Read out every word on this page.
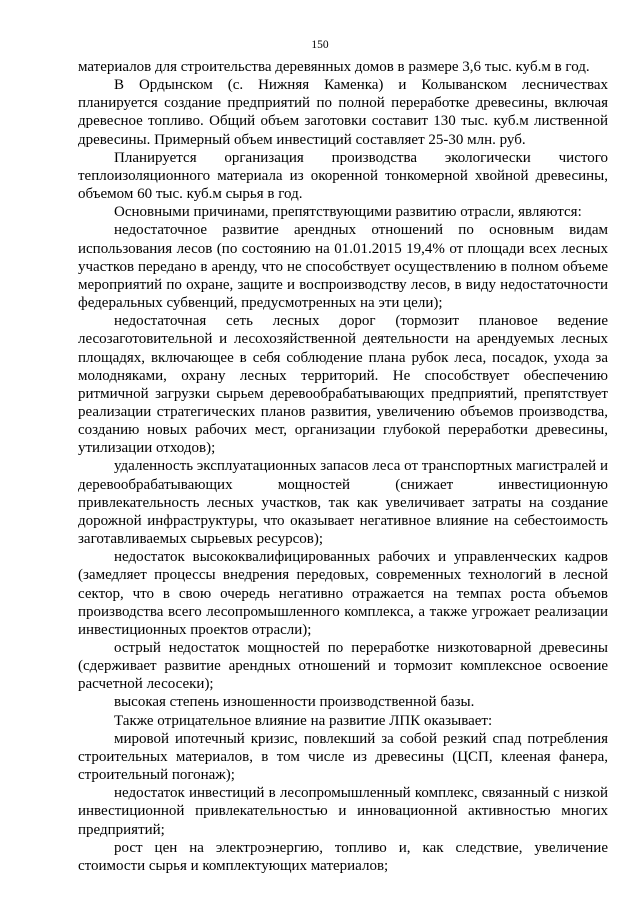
150

материалов для строительства деревянных домов в размере 3,6 тыс. куб.м в год.

В Ордынском (с. Нижняя Каменка) и Колыванском лесничествах планируется создание предприятий по полной переработке древесины, включая древесное топливо. Общий объем заготовки составит 130 тыс. куб.м лиственной древесины. Примерный объем инвестиций составляет 25-30 млн. руб.

Планируется организация производства экологически чистого теплоизоляционного материала из окоренной тонкомерной хвойной древесины, объемом 60 тыс. куб.м сырья в год.

Основными причинами, препятствующими развитию отрасли, являются:

недостаточное развитие арендных отношений по основным видам использования лесов (по состоянию на 01.01.2015 19,4% от площади всех лесных участков передано в аренду, что не способствует осуществлению в полном объеме мероприятий по охране, защите и воспроизводству лесов, в виду недостаточности федеральных субвенций, предусмотренных на эти цели);

недостаточная сеть лесных дорог (тормозит плановое ведение лесозаготовительной и лесохозяйственной деятельности на арендуемых лесных площадях, включающее в себя соблюдение плана рубок леса, посадок, ухода за молодняками, охрану лесных территорий. Не способствует обеспечению ритмичной загрузки сырьем деревообрабатывающих предприятий, препятствует реализации стратегических планов развития, увеличению объемов производства, созданию новых рабочих мест, организации глубокой переработки древесины, утилизации отходов);

удаленность эксплуатационных запасов леса от транспортных магистралей и деревообрабатывающих мощностей (снижает инвестиционную привлекательность лесных участков, так как увеличивает затраты на создание дорожной инфраструктуры, что оказывает негативное влияние на себестоимость заготавливаемых сырьевых ресурсов);

недостаток высококвалифицированных рабочих и управленческих кадров (замедляет процессы внедрения передовых, современных технологий в лесной сектор, что в свою очередь негативно отражается на темпах роста объемов производства всего лесопромышленного комплекса, а также угрожает реализации инвестиционных проектов отрасли);

острый недостаток мощностей по переработке низкотоварной древесины (сдерживает развитие арендных отношений и тормозит комплексное освоение расчетной лесосеки);

высокая степень изношенности производственной базы.

Также отрицательное влияние на развитие ЛПК оказывает:

мировой ипотечный кризис, повлекший за собой резкий спад потребления строительных материалов, в том числе из древесины (ЦСП, клееная фанера, строительный погонаж);

недостаток инвестиций в лесопромышленный комплекс, связанный с низкой инвестиционной привлекательностью и инновационной активностью многих предприятий;

рост цен на электроэнергию, топливо и, как следствие, увеличение стоимости сырья и комплектующих материалов;
